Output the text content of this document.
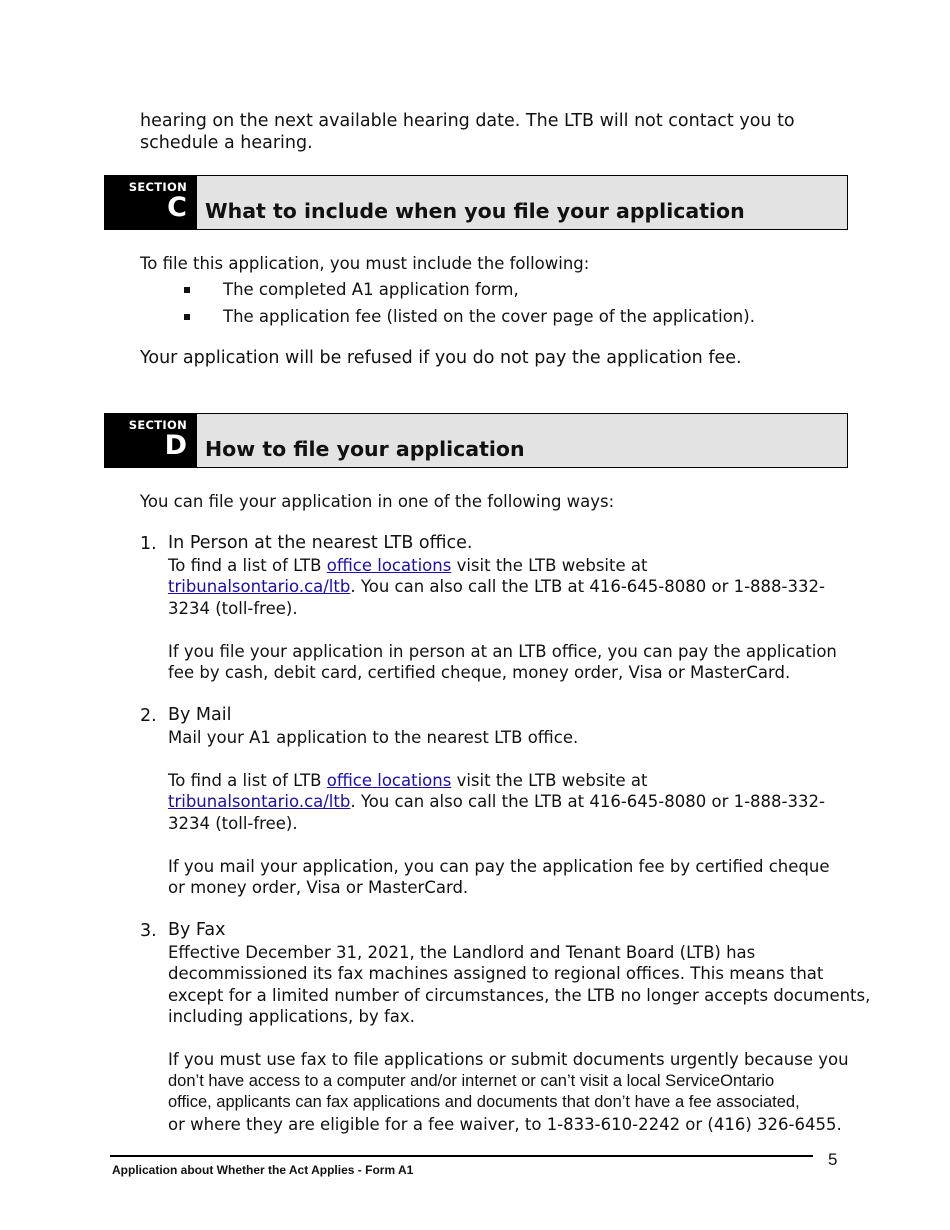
hearing on the next available hearing date. The LTB will not contact you to
schedule a hearing.
SECTION
C What to include when you file your application
To file this application, you must include the following:
The completed A1 application form,
The application fee (listed on the cover page of the application).
Your application will be refused if you do not pay the application fee.
SECTION
D How to file your application
You can file your application in one of the following ways:
1. In Person at the nearest LTB office.
To find a list of LTB office locations visit the LTB website at
tribunalsontario.ca/ltb. You can also call the LTB at 416-645-8080 or 1-888-332-
3234 (toll-free).
If you file your application in person at an LTB office, you can pay the application
fee by cash, debit card, certified cheque, money order, Visa or MasterCard.
2. By Mail
Mail your A1 application to the nearest LTB office.
To find a list of LTB office locations visit the LTB website at
tribunalsontario.ca/ltb. You can also call the LTB at 416-645-8080 or 1-888-332-
3234 (toll-free).
If you mail your application, you can pay the application fee by certified cheque
or money order, Visa or MasterCard.
3. By Fax
Effective December 31, 2021, the Landlord and Tenant Board (LTB) has
decommissioned its fax machines assigned to regional offices. This means that
except for a limited number of circumstances, the LTB no longer accepts documents,
including applications, by fax.
If you must use fax to file applications or submit documents urgently because you
don’t have access to a computer and/or internet or can’t visit a local ServiceOntario
office, applicants can fax applications and documents that don’t have a fee associated,
or where they are eligible for a fee waiver, to 1-833-610-2242 or (416) 326-6455.
Application about Whether the Act Applies - Form A1
5
